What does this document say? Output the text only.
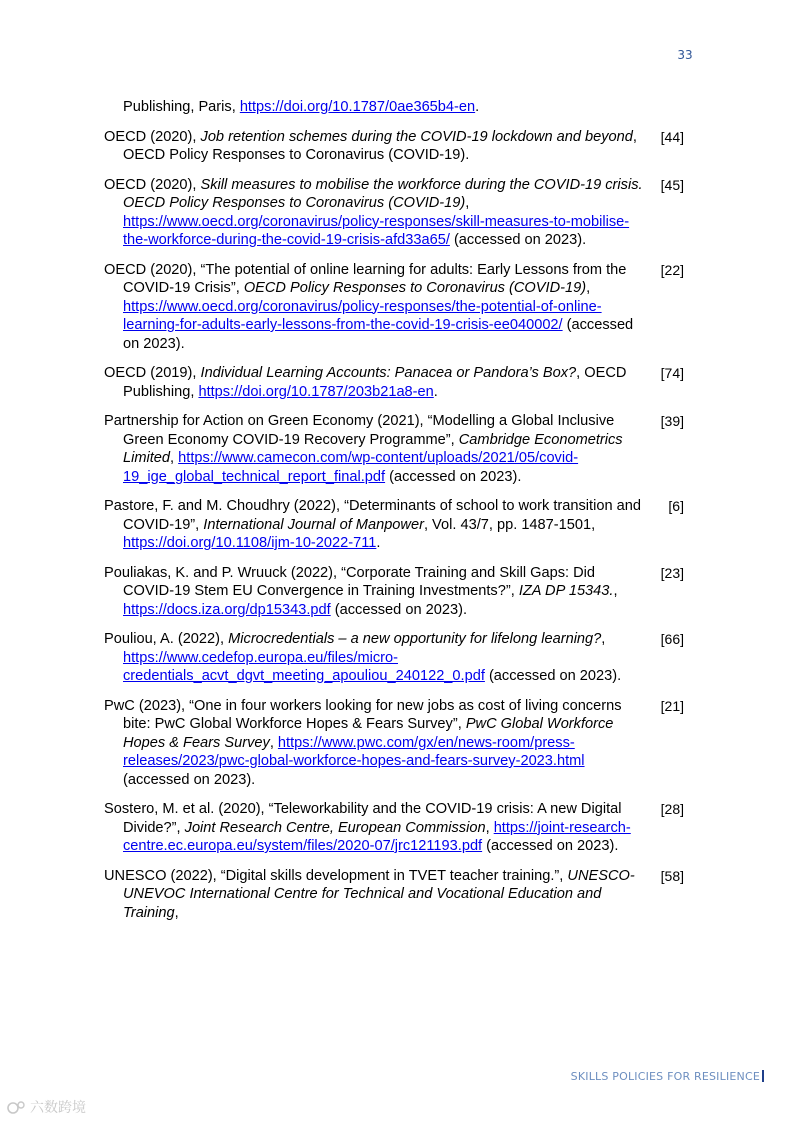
33
Publishing, Paris, https://doi.org/10.1787/0ae365b4-en.
OECD (2020), Job retention schemes during the COVID-19 lockdown and beyond, OECD Policy Responses to Coronavirus (COVID-19).
[44]
OECD (2020), Skill measures to mobilise the workforce during the COVID-19 crisis. OECD Policy Responses to Coronavirus (COVID-19), https://www.oecd.org/coronavirus/policy-responses/skill-measures-to-mobilise-the-workforce-during-the-covid-19-crisis-afd33a65/ (accessed on 2023).
[45]
OECD (2020), “The potential of online learning for adults: Early Lessons from the COVID-19 Crisis”, OECD Policy Responses to Coronavirus (COVID-19), https://www.oecd.org/coronavirus/policy-responses/the-potential-of-online-learning-for-adults-early-lessons-from-the-covid-19-crisis-ee040002/ (accessed on 2023).
[22]
OECD (2019), Individual Learning Accounts: Panacea or Pandora’s Box?, OECD Publishing, https://doi.org/10.1787/203b21a8-en.
[74]
Partnership for Action on Green Economy (2021), “Modelling a Global Inclusive Green Economy COVID-19 Recovery Programme”, Cambridge Econometrics Limited, https://www.camecon.com/wp-content/uploads/2021/05/covid-19_ige_global_technical_report_final.pdf (accessed on 2023).
[39]
Pastore, F. and M. Choudhry (2022), “Determinants of school to work transition and COVID-19”, International Journal of Manpower, Vol. 43/7, pp. 1487-1501, https://doi.org/10.1108/ijm-10-2022-711.
[6]
Pouliakas, K. and P. Wruuck (2022), “Corporate Training and Skill Gaps: Did COVID-19 Stem EU Convergence in Training Investments?”, IZA DP 15343., https://docs.iza.org/dp15343.pdf (accessed on 2023).
[23]
Pouliou, A. (2022), Microcredentials – a new opportunity for lifelong learning?, https://www.cedefop.europa.eu/files/micro-credentials_acvt_dgvt_meeting_apouliou_240122_0.pdf (accessed on 2023).
[66]
PwC (2023), “One in four workers looking for new jobs as cost of living concerns bite: PwC Global Workforce Hopes & Fears Survey”, PwC Global Workforce Hopes & Fears Survey, https://www.pwc.com/gx/en/news-room/press-releases/2023/pwc-global-workforce-hopes-and-fears-survey-2023.html (accessed on 2023).
[21]
Sostero, M. et al. (2020), “Teleworkability and the COVID-19 crisis: A new Digital Divide?”, Joint Research Centre, European Commission, https://joint-research-centre.ec.europa.eu/system/files/2020-07/jrc121193.pdf (accessed on 2023).
[28]
UNESCO (2022), “Digital skills development in TVET teacher training.”, UNESCO-UNEVOC International Centre for Technical and Vocational Education and Training,
[58]
SKILLS POLICIES FOR RESILIENCE
六数跨境
